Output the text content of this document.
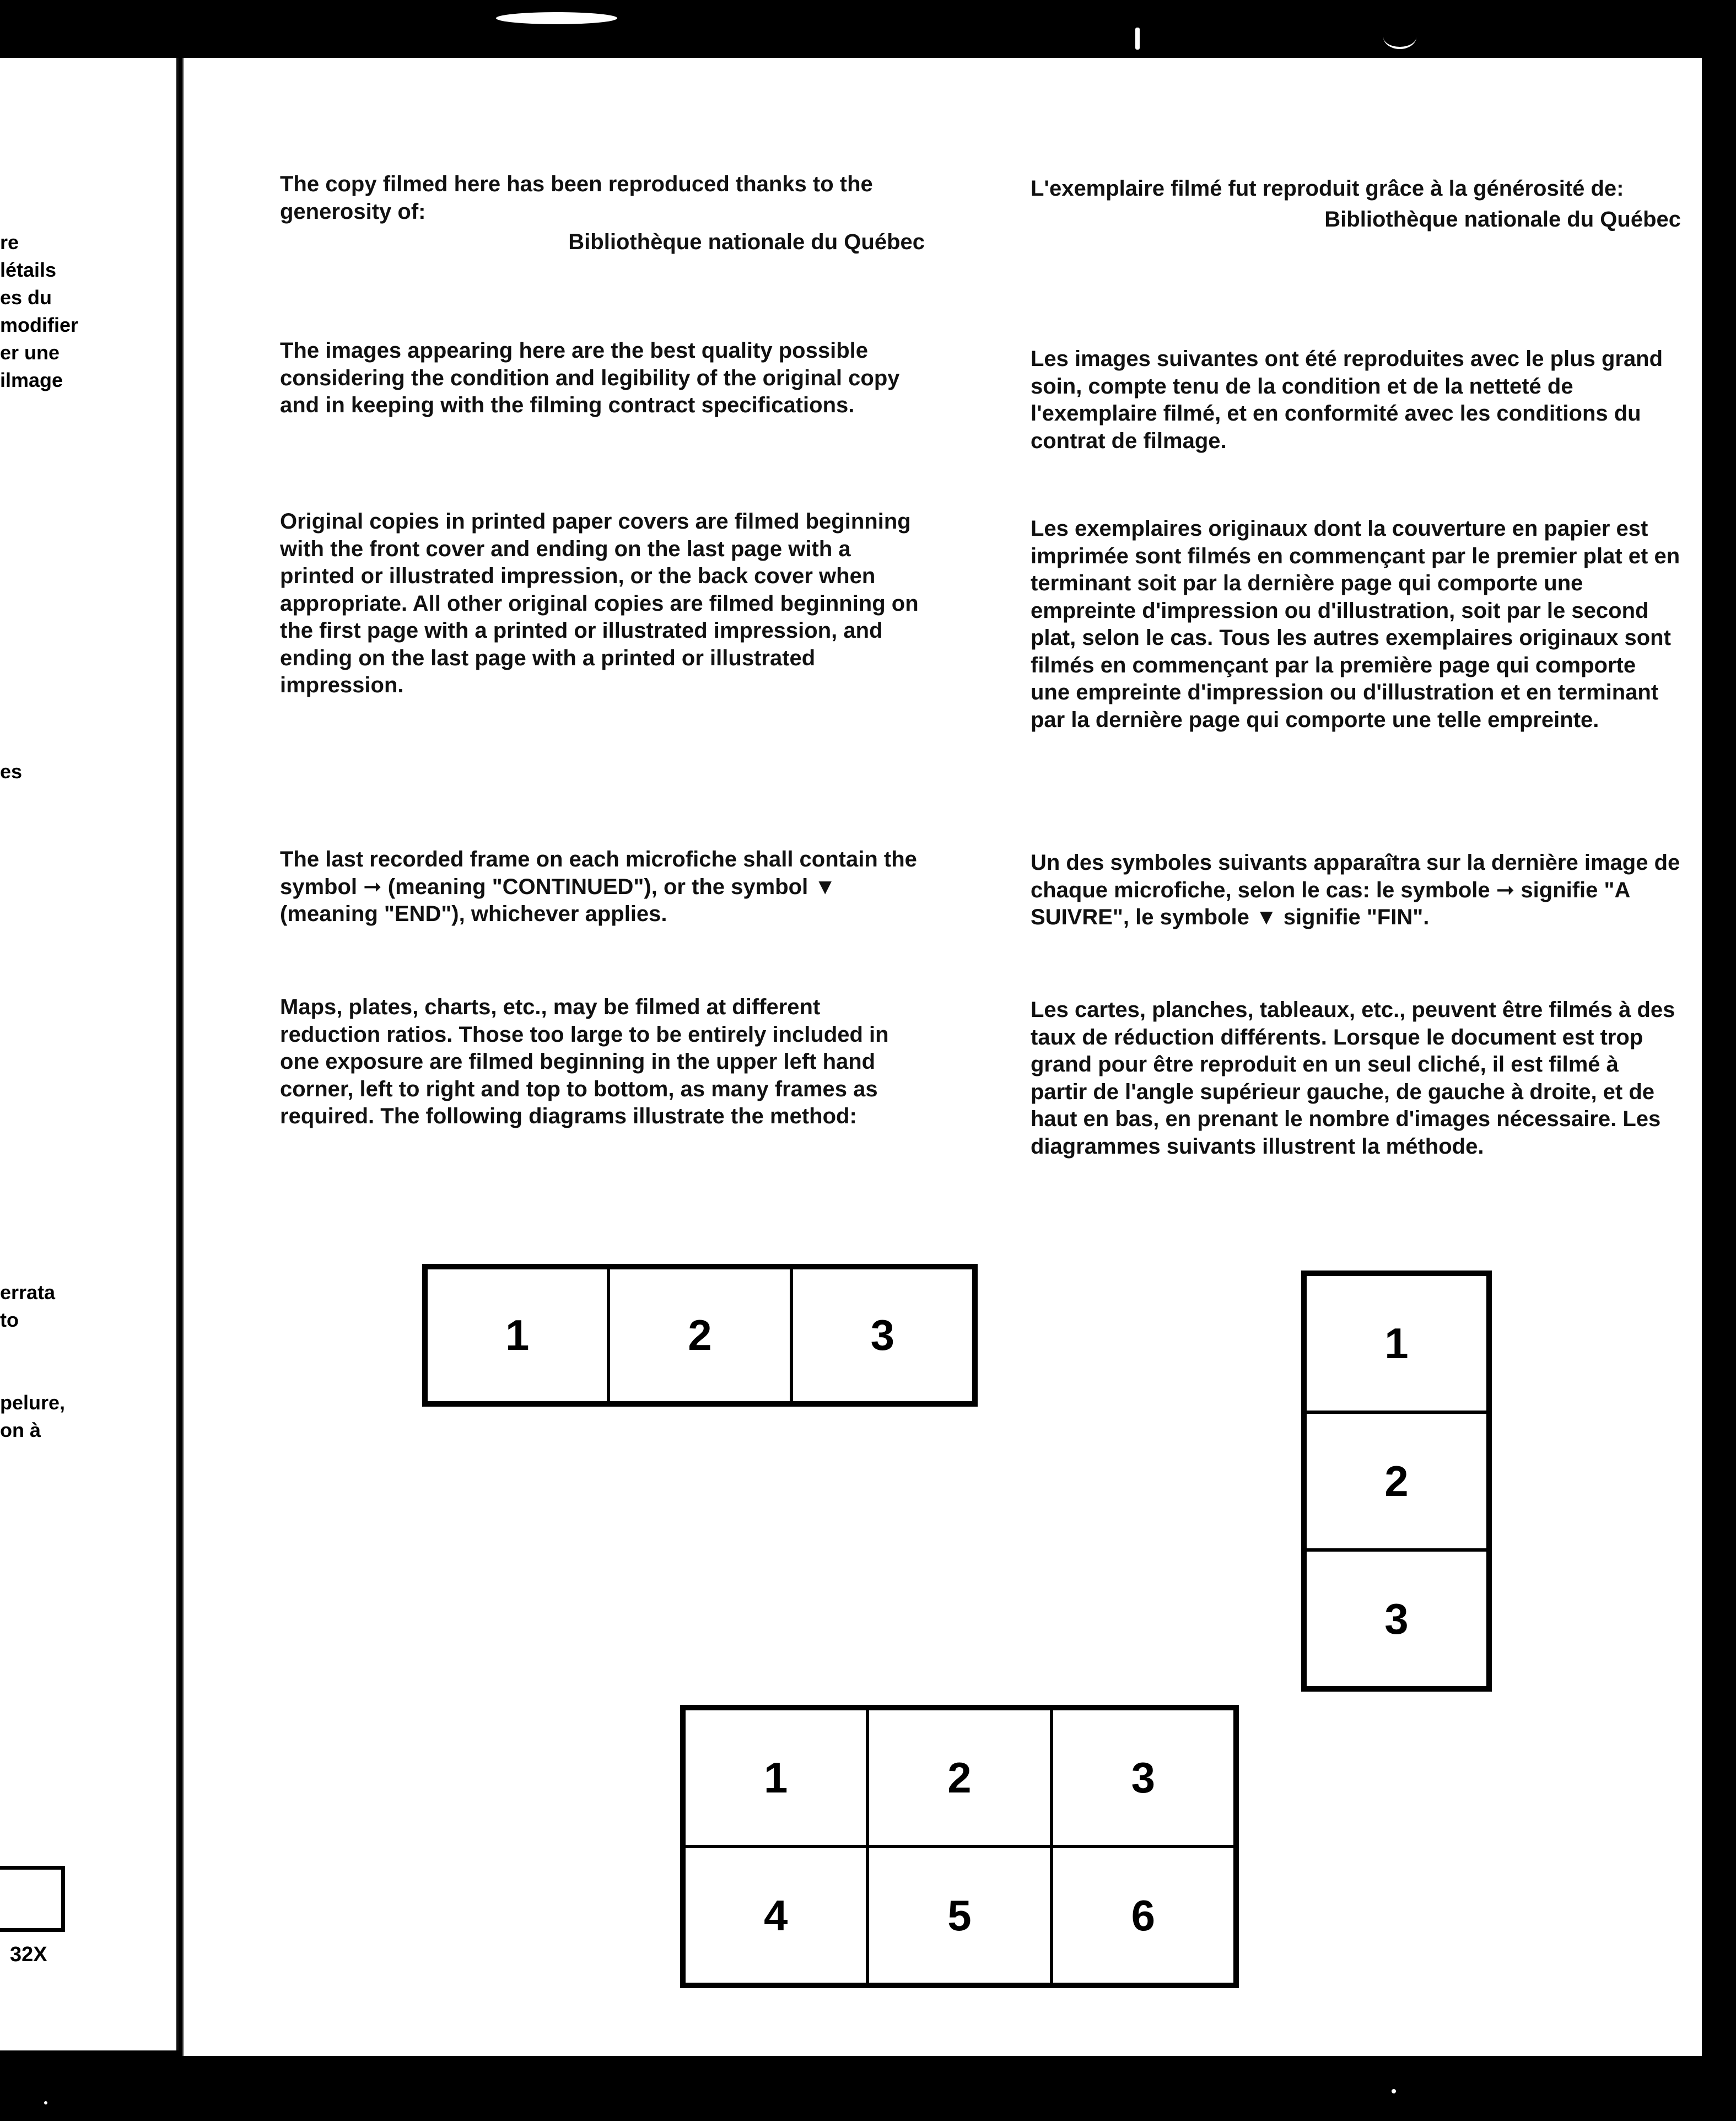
re
létails
es du
modifier
er une
ilmage
es
errata
to
pelure,
on à
32X

The copy filmed here has been reproduced thanks to the generosity of:

Bibliothèque nationale du Québec

The images appearing here are the best quality possible considering the condition and legibility of the original copy and in keeping with the filming contract specifications.

Original copies in printed paper covers are filmed beginning with the front cover and ending on the last page with a printed or illustrated impression, or the back cover when appropriate. All other original copies are filmed beginning on the first page with a printed or illustrated impression, and ending on the last page with a printed or illustrated impression.

The last recorded frame on each microfiche shall contain the symbol ➞ (meaning "CONTINUED"), or the symbol ▼ (meaning "END"), whichever applies.

Maps, plates, charts, etc., may be filmed at different reduction ratios. Those too large to be entirely included in one exposure are filmed beginning in the upper left hand corner, left to right and top to bottom, as many frames as required. The following diagrams illustrate the method:

L'exemplaire filmé fut reproduit grâce à la générosité de:

Bibliothèque nationale du Québec

Les images suivantes ont été reproduites avec le plus grand soin, compte tenu de la condition et de la netteté de l'exemplaire filmé, et en conformité avec les conditions du contrat de filmage.

Les exemplaires originaux dont la couverture en papier est imprimée sont filmés en commençant par le premier plat et en terminant soit par la dernière page qui comporte une empreinte d'impression ou d'illustration, soit par le second plat, selon le cas. Tous les autres exemplaires originaux sont filmés en commençant par la première page qui comporte une empreinte d'impression ou d'illustration et en terminant par la dernière page qui comporte une telle empreinte.

Un des symboles suivants apparaîtra sur la dernière image de chaque microfiche, selon le cas: le symbole ➞ signifie "A SUIVRE", le symbole ▼ signifie "FIN".

Les cartes, planches, tableaux, etc., peuvent être filmés à des taux de réduction différents. Lorsque le document est trop grand pour être reproduit en un seul cliché, il est filmé à partir de l'angle supérieur gauche, de gauche à droite, et de haut en bas, en prenant le nombre d'images nécessaire. Les diagrammes suivants illustrent la méthode.

1	2	3	1
2
3
1	2	3
4	5	6
